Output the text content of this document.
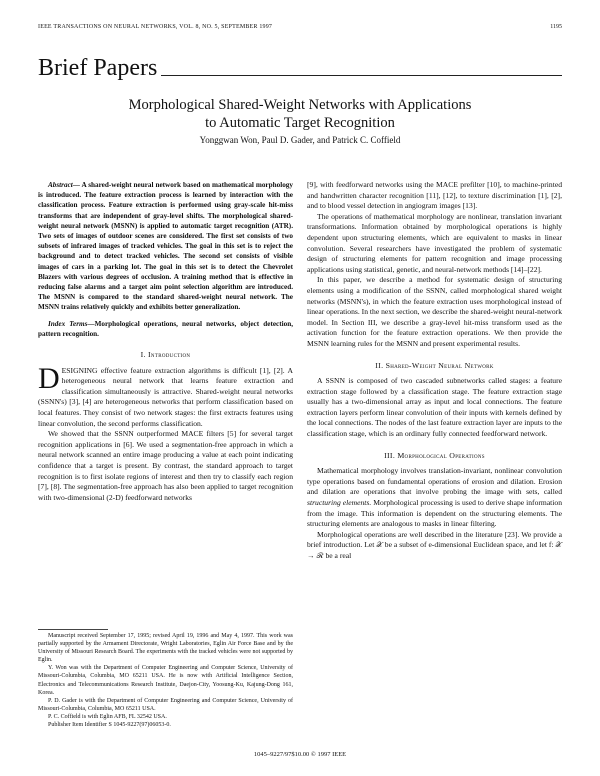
IEEE TRANSACTIONS ON NEURAL NETWORKS, VOL. 8, NO. 5, SEPTEMBER 1997	1195
Brief Papers
Morphological Shared-Weight Networks with Applications
to Automatic Target Recognition
Yonggwan Won, Paul D. Gader, and Patrick C. Coffield

Abstract— A shared-weight neural network based on mathematical morphology is introduced. The feature extraction process is learned by interaction with the classification process. Feature extraction is performed using gray-scale hit-miss transforms that are independent of gray-level shifts. The morphological shared-weight neural network (MSNN) is applied to automatic target recognition (ATR). Two sets of images of outdoor scenes are considered. The first set consists of two subsets of infrared images of tracked vehicles. The goal in this set is to reject the background and to detect tracked vehicles. The second set consists of visible images of cars in a parking lot. The goal in this set is to detect the Chevrolet Blazers with various degrees of occlusion. A training method that is effective in reducing false alarms and a target aim point selection algorithm are introduced. The MSNN is compared to the standard shared-weight neural network. The MSNN trains relatively quickly and exhibits better generalization.

Index Terms—Morphological operations, neural networks, object detection, pattern recognition.

I. Introduction

DESIGNING effective feature extraction algorithms is difficult [1], [2]. A heterogeneous neural network that learns feature extraction and classification simultaneously is attractive. Shared-weight neural networks (SSNN's) [3], [4] are heterogeneous networks that perform classification based on local features. They consist of two network stages: the first extracts features using linear convolution, the second performs classification.

We showed that the SSNN outperformed MACE filters [5] for several target recognition applications in [6]. We used a segmentation-free approach in which a neural network scanned an entire image producing a value at each point indicating confidence that a target is present. By contrast, the standard approach to target recognition is to first isolate regions of interest and then try to classify each region [7], [8]. The segmentation-free approach has also been applied to target recognition with two-dimensional (2-D) feedforward networks

Manuscript received September 17, 1995; revised April 19, 1996 and May 4, 1997. This work was partially supported by the Armament Directorate, Wright Laboratories, Eglin Air Force Base and by the University of Missouri Research Board. The experiments with the tracked vehicles were not supported by Eglin.

Y. Won was with the Department of Computer Engineering and Computer Science, University of Missouri-Columbia, Columbia, MO 65211 USA. He is now with Artificial Intelligence Section, Electronics and Telecommunications Research Institute, Daejon-City, Yoosung-Ku, Kajung-Dong 161, Korea.

P. D. Gader is with the Department of Computer Engineering and Computer Science, University of Missouri-Columbia, Columbia, MO 65211 USA.

P. C. Coffield is with Eglin AFB, FL 32542 USA.

Publisher Item Identifier S 1045-9227(97)06053-0.

[9], with feedforward networks using the MACE prefilter [10], to machine-printed and handwritten character recognition [11], [12], to texture discrimination [1], [2], and to blood vessel detection in angiogram images [13].

The operations of mathematical morphology are nonlinear, translation invariant transformations. Information obtained by morphological operations is highly dependent upon structuring elements, which are equivalent to masks in linear convolution. Several researchers have investigated the problem of systematic design of structuring elements for pattern recognition and image processing applications using statistical, genetic, and neural-network methods [14]–[22].

In this paper, we describe a method for systematic design of structuring elements using a modification of the SSNN, called morphological shared weight networks (MSNN's), in which the feature extraction uses morphological instead of linear operations. In the next section, we describe the shared-weight neural-network model. In Section III, we describe a gray-level hit-miss transform used as the activation function for the feature extraction operations. We then provide the MSNN learning rules for the MSNN and present experimental results.

II. Shared-Weight Neural Network

A SSNN is composed of two cascaded subnetworks called stages: a feature extraction stage followed by a classification stage. The feature extraction stage usually has a two-dimensional array as input and local connections. The feature extraction layers perform linear convolution of their inputs with kernels defined by the local connections. The nodes of the last feature extraction layer are inputs to the classification stage, which is an ordinary fully connected feedforward network.

III. Morphological Operations

Mathematical morphology involves translation-invariant, nonlinear convolution type operations based on fundamental operations of erosion and dilation. Erosion and dilation are operations that involve probing the image with sets, called structuring elements. Morphological processing is used to derive shape information from the image. This information is dependent on the structuring elements. The structuring elements are analogous to masks in linear filtering.

Morphological operations are well described in the literature [23]. We provide a brief introduction. Let 𝒳 be a subset of e-dimensional Euclidean space, and let f: 𝒳 → ℛ be a real

1045–9227/97$10.00 © 1997 IEEE
